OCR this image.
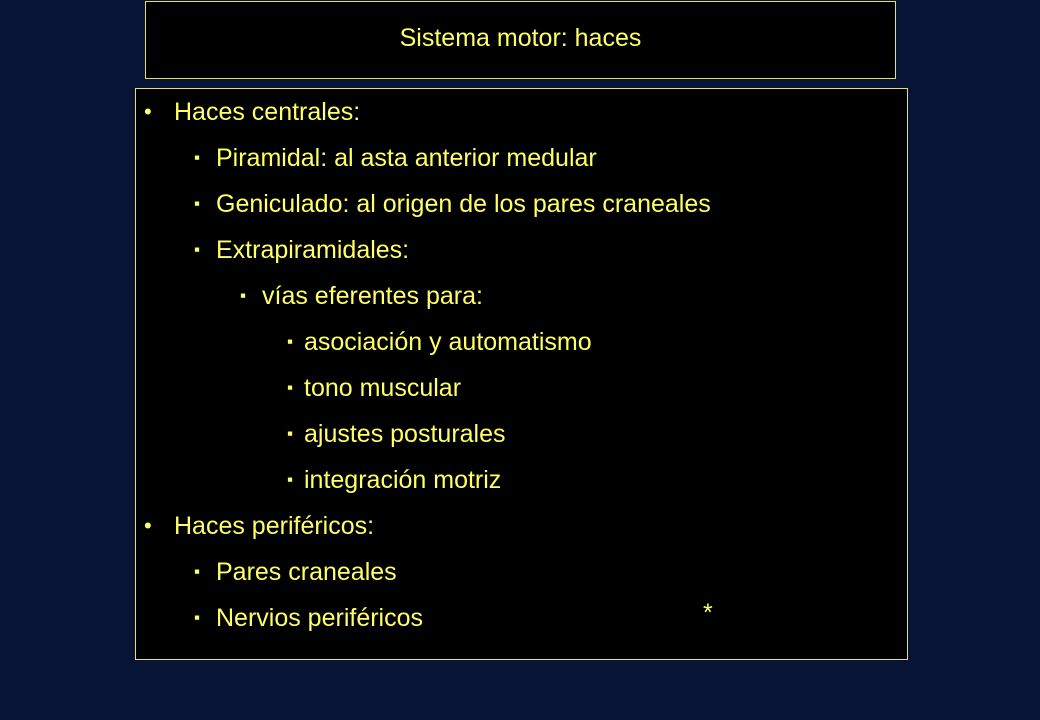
Sistema motor: haces
• Haces centrales:
▪ Piramidal: al asta anterior medular
▪ Geniculado: al origen de los pares craneales
▪ Extrapiramidales:
▪ vías eferentes para:
▪ asociación y automatismo
▪ tono muscular
▪ ajustes posturales
▪ integración motriz
• Haces periféricos:
▪ Pares craneales
▪ Nervios periféricos	*
